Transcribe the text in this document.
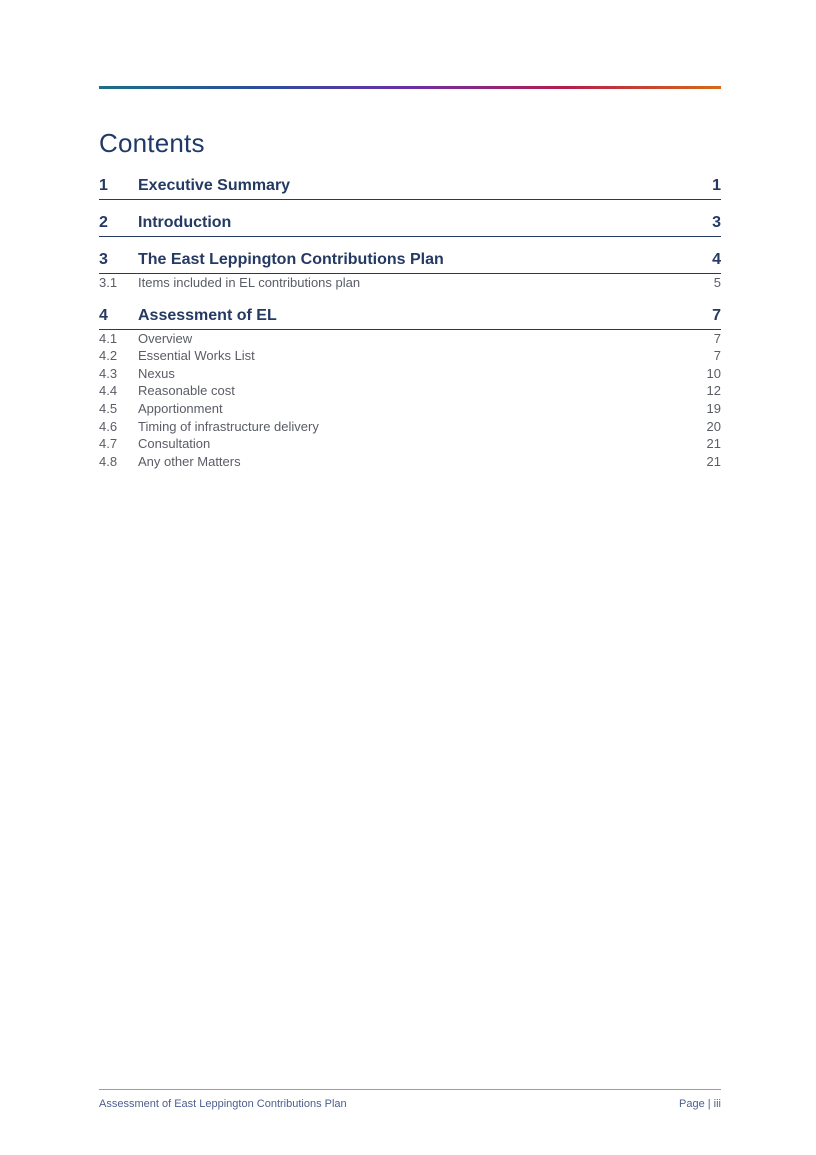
Contents
1	Executive Summary	1
2	Introduction	3
3	The East Leppington Contributions Plan	4
3.1	Items included in EL contributions plan	5
4	Assessment of EL	7
4.1	Overview	7
4.2	Essential Works List	7
4.3	Nexus	10
4.4	Reasonable cost	12
4.5	Apportionment	19
4.6	Timing of infrastructure delivery	20
4.7	Consultation	21
4.8	Any other Matters	21
Assessment of East Leppington Contributions Plan	Page | iii
